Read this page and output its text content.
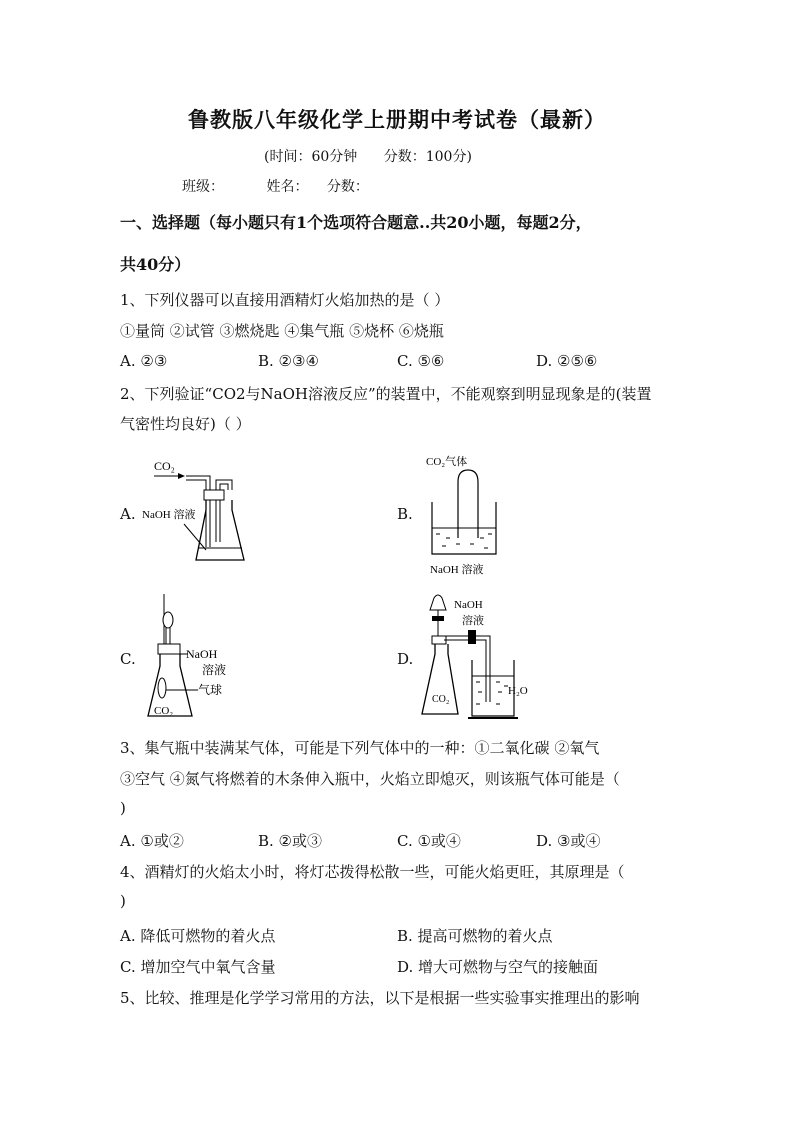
鲁教版八年级化学上册期中考试卷（最新）
(时间：60分钟 分数：100分)
班级：	姓名： 分数：
一、选择题（每小题只有1个选项符合题意..共20小题，每题2分，
共40分）
1、下列仪器可以直接用酒精灯火焰加热的是（ ）
①量筒 ②试管 ③燃烧匙 ④集气瓶 ⑤烧杯 ⑥烧瓶
A. ②③	B. ②③④	C. ⑤⑥	D. ②⑤⑥
2、下列验证“CO2与NaOH溶液反应”的装置中，不能观察到明显现象是的(装置
气密性均良好)（ ）
A.	B.
C.	D.
CO₂
NaOH 溶液
CO₂气体
NaOH 溶液
NaOH
溶液
气球
CO₂
NaOH
溶液
CO₂
H₂O
3、集气瓶中装满某气体，可能是下列气体中的一种：①二氧化碳 ②氧气
③空气 ④氮气将燃着的木条伸入瓶中，火焰立即熄灭，则该瓶气体可能是（
)
A. ①或②	B. ②或③	C. ①或④	D. ③或④
4、酒精灯的火焰太小时，将灯芯拨得松散一些，可能火焰更旺，其原理是（
)
A. 降低可燃物的着火点	B. 提高可燃物的着火点
C. 增加空气中氧气含量	D. 增大可燃物与空气的接触面
5、比较、推理是化学学习常用的方法，以下是根据一些实验事实推理出的影响
